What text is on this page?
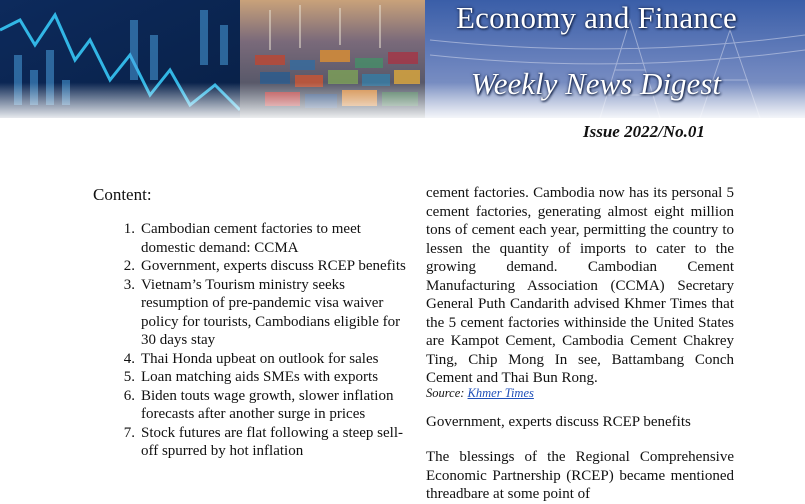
Economy and Finance
Weekly News Digest
Issue 2022/No.01
Content:
1. Cambodian cement factories to meet domestic demand: CCMA
2. Government, experts discuss RCEP benefits
3. Vietnam’s Tourism ministry seeks resumption of pre-pandemic visa waiver policy for tourists, Cambodians eligible for 30 days stay
4. Thai Honda upbeat on outlook for sales
5. Loan matching aids SMEs with exports
6. Biden touts wage growth, slower inflation forecasts after another surge in prices
7. Stock futures are flat following a steep sell-off spurred by hot inflation

cement factories. Cambodia now has its personal 5 cement factories, generating almost eight million tons of cement each year, permitting the country to lessen the quantity of imports to cater to the growing demand. Cambodian Cement Manufacturing Association (CCMA) Secretary General Puth Candarith advised Khmer Times that the 5 cement factories withinside the United States are Kampot Cement, Cambodia Cement Chakrey Ting, Chip Mong In see, Battambang Conch Cement and Thai Bun Rong.

Source: Khmer Times
Government, experts discuss RCEP benefits

The blessings of the Regional Comprehensive Economic Partnership (RCEP) became mentioned threadbare at some point of
